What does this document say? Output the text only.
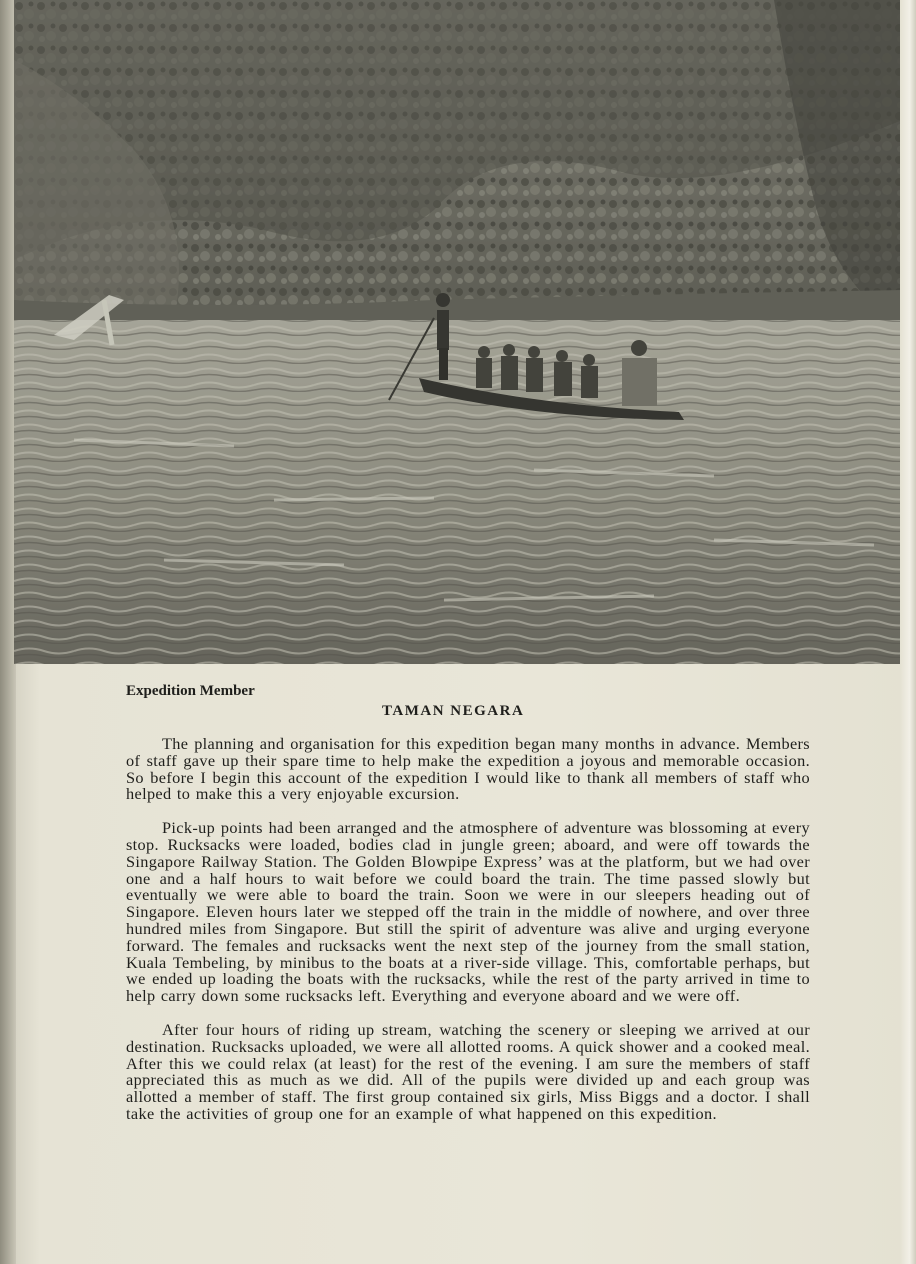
Expedition Member

TAMAN NEGARA

The planning and organisation for this expedition began many months in advance. Members of staff gave up their spare time to help make the expedition a joyous and memorable occasion. So before I begin this account of the expedition I would like to thank all members of staff who helped to make this a very enjoyable excursion.

Pick-up points had been arranged and the atmosphere of adventure was blossoming at every stop. Rucksacks were loaded, bodies clad in jungle green; aboard, and were off towards the Singapore Railway Station. The Golden Blowpipe Express’ was at the platform, but we had over one and a half hours to wait before we could board the train. The time passed slowly but eventually we were able to board the train. Soon we were in our sleepers heading out of Singapore. Eleven hours later we stepped off the train in the middle of nowhere, and over three hundred miles from Singapore. But still the spirit of adventure was alive and urging everyone forward. The females and rucksacks went the next step of the journey from the small station, Kuala Tembeling, by minibus to the boats at a river-side village. This, comfortable perhaps, but we ended up loading the boats with the rucksacks, while the rest of the party arrived in time to help carry down some rucksacks left. Everything and everyone aboard and we were off.

After four hours of riding up stream, watching the scenery or sleeping we arrived at our destination. Rucksacks uploaded, we were all allotted rooms. A quick shower and a cooked meal. After this we could relax (at least) for the rest of the evening. I am sure the members of staff appreciated this as much as we did. All of the pupils were divided up and each group was allotted a member of staff. The first group contained six girls, Miss Biggs and a doctor. I shall take the activities of group one for an example of what happened on this expedition.
